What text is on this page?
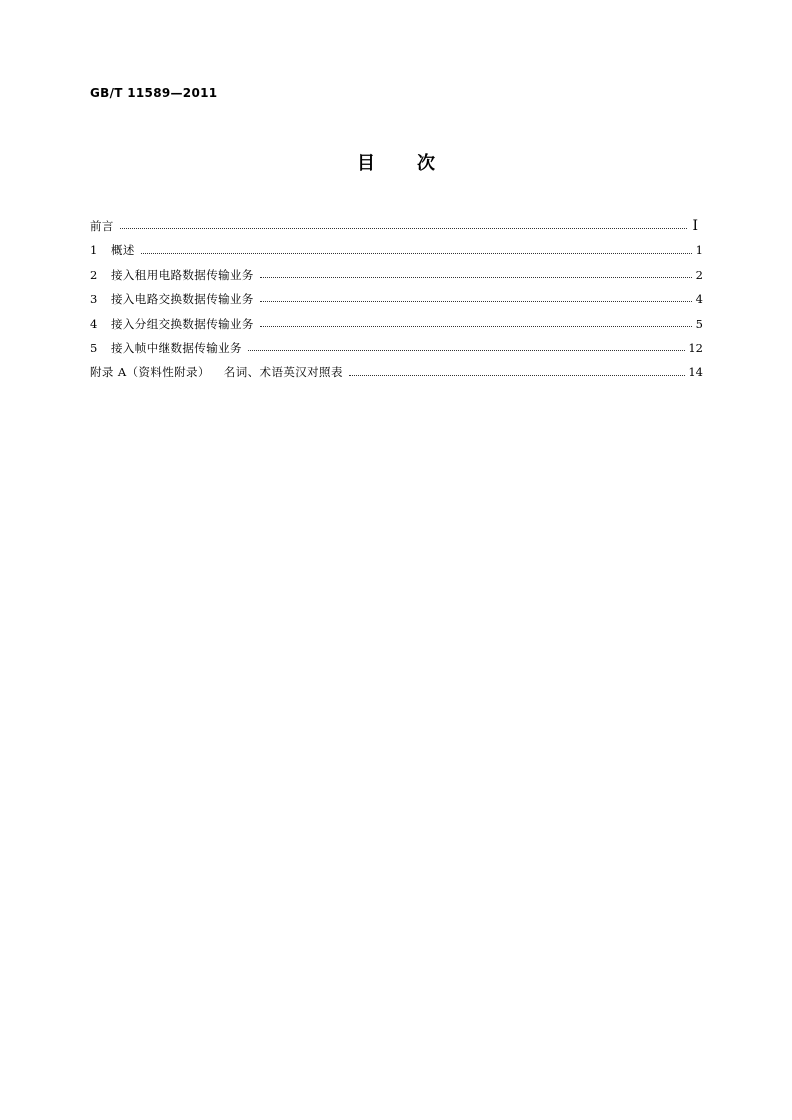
GB/T 11589—2011
目 次
前言	Ⅰ
1	概述	1
2	接入租用电路数据传输业务	2
3	接入电路交换数据传输业务	4
4	接入分组交换数据传输业务	5
5	接入帧中继数据传输业务	12
附录 A（资料性附录） 名词、术语英汉对照表	14
